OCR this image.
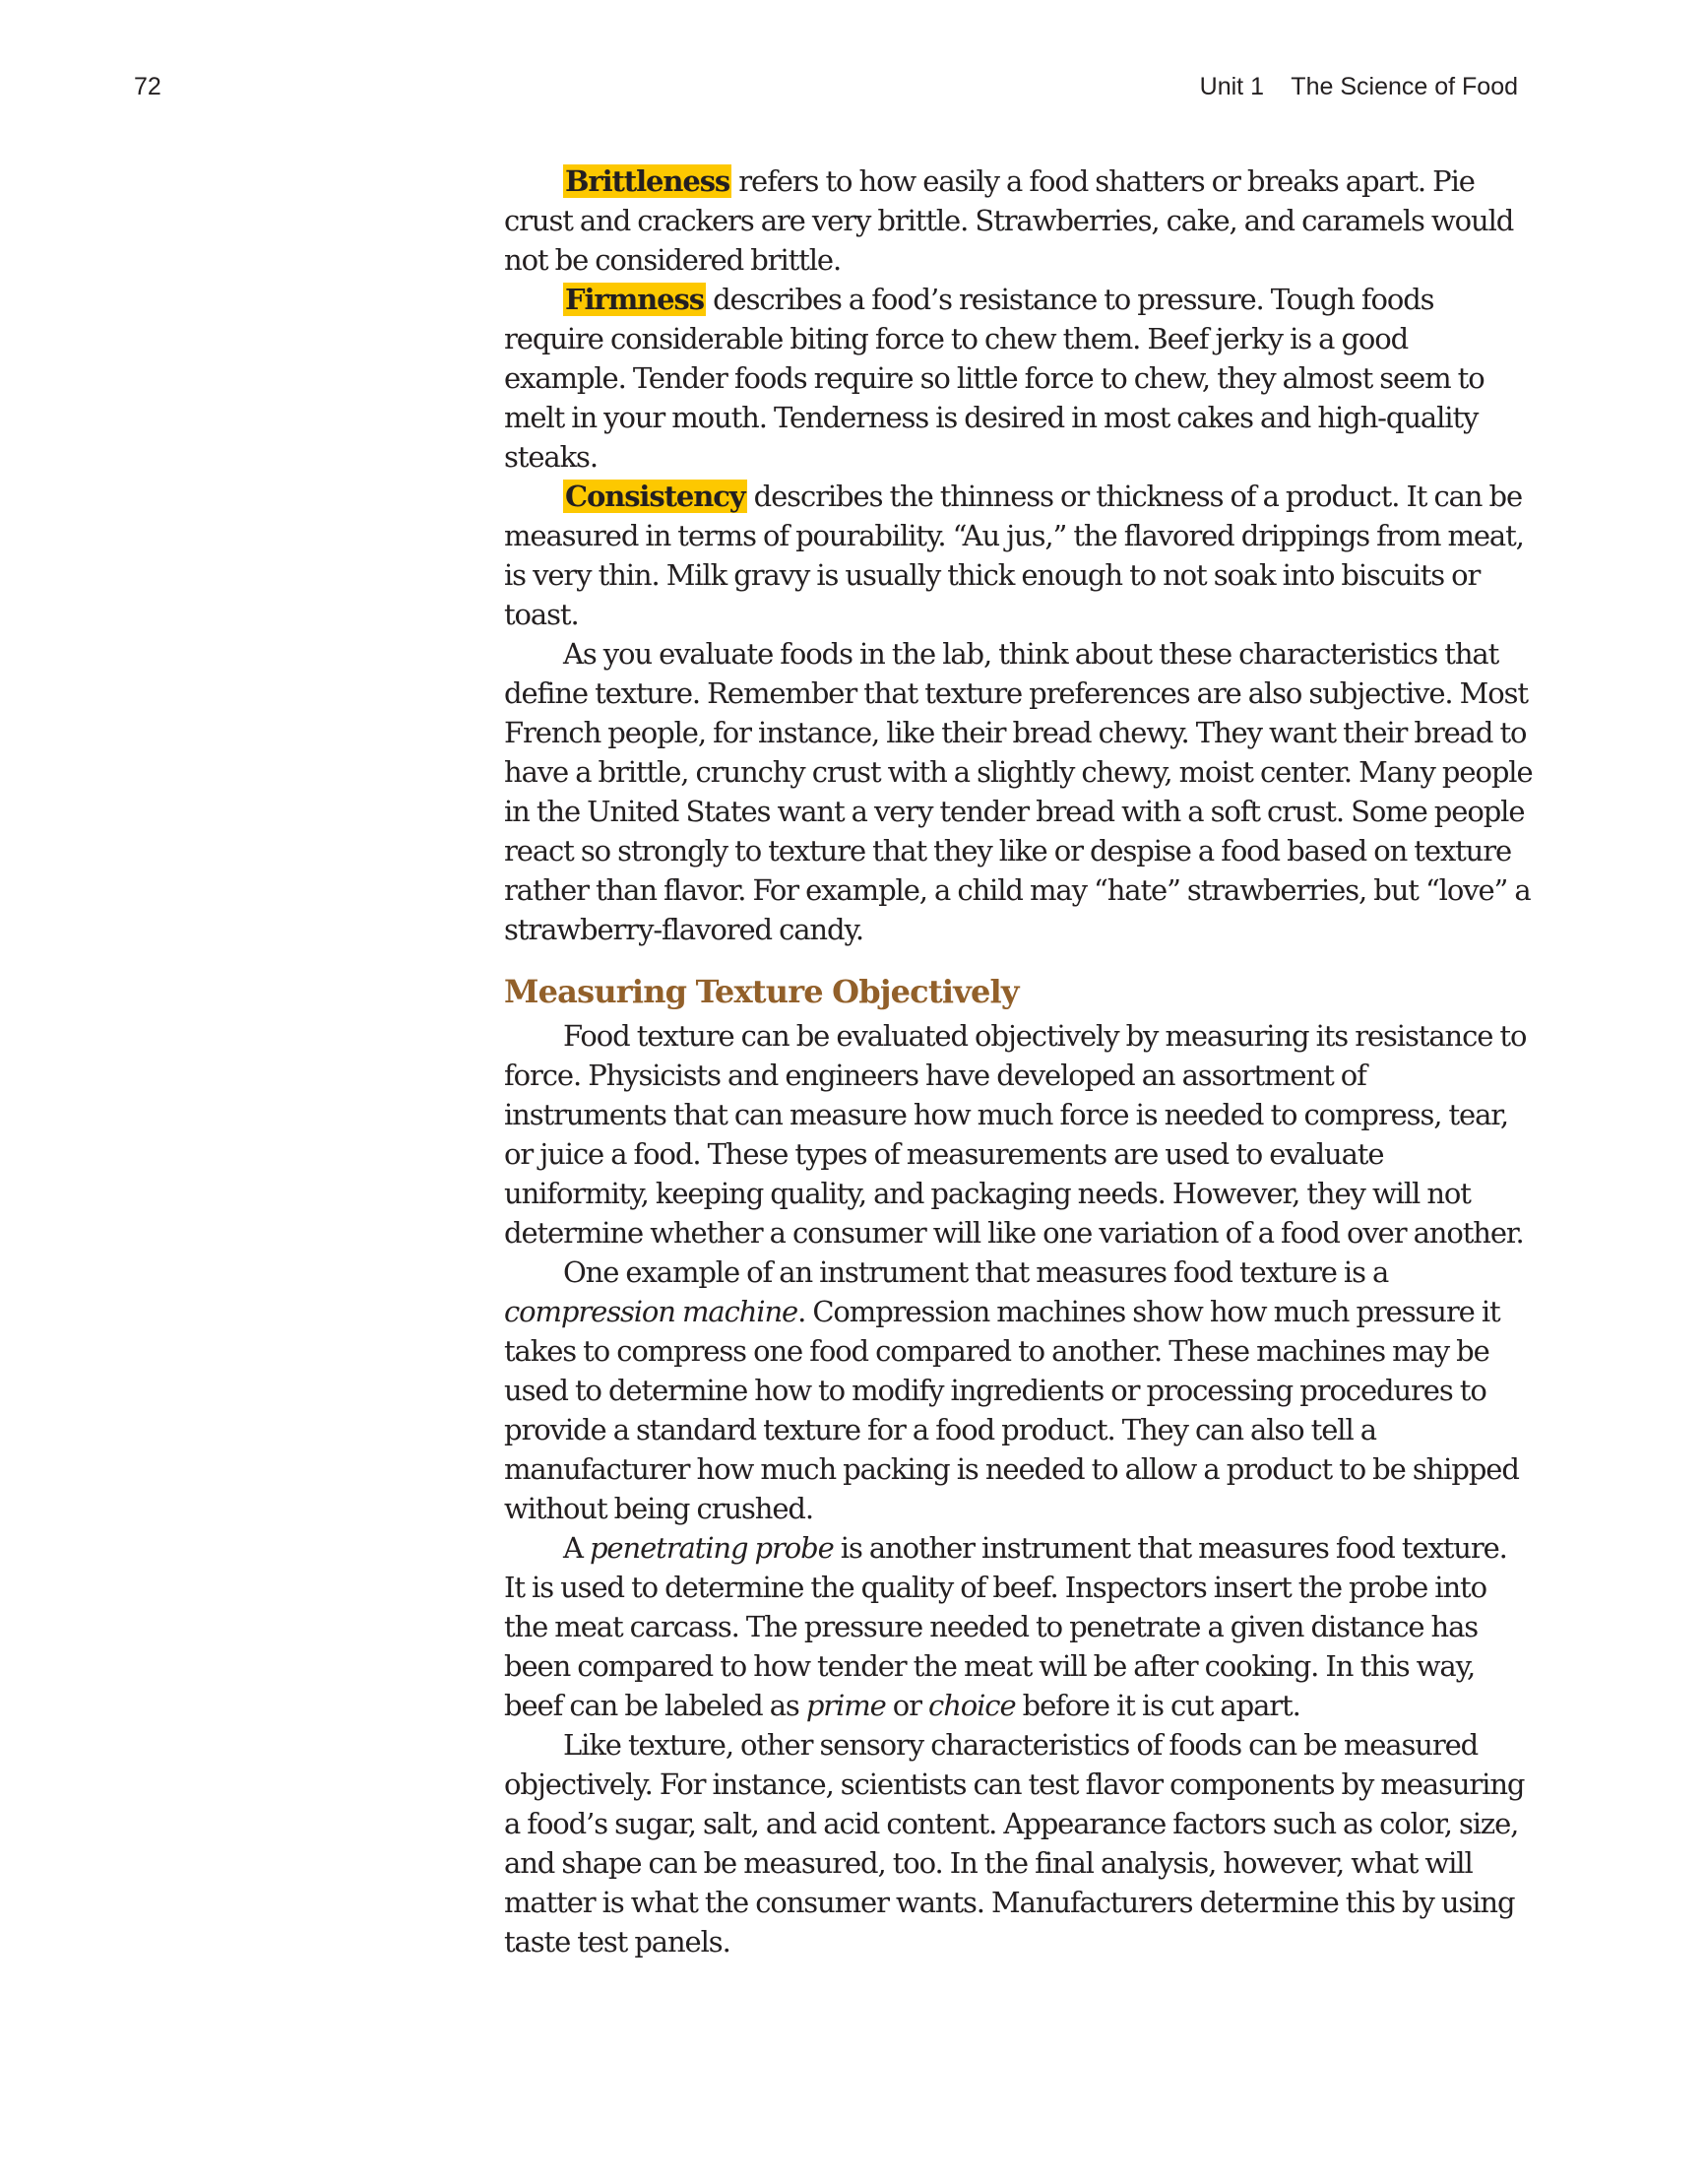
72	Unit 1    The Science of Food

Brittleness refers to how easily a food shatters or breaks apart. Pie crust and crackers are very brittle. Strawberries, cake, and caramels would not be considered brittle.

Firmness describes a food’s resistance to pressure. Tough foods require considerable biting force to chew them. Beef jerky is a good example. Tender foods require so little force to chew, they almost seem to melt in your mouth. Tenderness is desired in most cakes and high-quality steaks.

Consistency describes the thinness or thickness of a product. It can be measured in terms of pourability. “Au jus,” the flavored drippings from meat, is very thin. Milk gravy is usually thick enough to not soak into biscuits or toast.

As you evaluate foods in the lab, think about these characteristics that define texture. Remember that texture preferences are also subjective. Most French people, for instance, like their bread chewy. They want their bread to have a brittle, crunchy crust with a slightly chewy, moist center. Many people in the United States want a very tender bread with a soft crust. Some people react so strongly to texture that they like or despise a food based on texture rather than flavor. For example, a child may “hate” strawberries, but “love” a strawberry-flavored candy.

Measuring Texture Objectively

Food texture can be evaluated objectively by measuring its resistance to force. Physicists and engineers have developed an assortment of instruments that can measure how much force is needed to compress, tear, or juice a food. These types of measurements are used to evaluate uniformity, keeping quality, and packaging needs. However, they will not determine whether a consumer will like one variation of a food over another.

One example of an instrument that measures food texture is a compression machine. Compression machines show how much pressure it takes to compress one food compared to another. These machines may be used to determine how to modify ingredients or processing procedures to provide a standard texture for a food product. They can also tell a manufacturer how much packing is needed to allow a product to be shipped without being crushed.

A penetrating probe is another instrument that measures food texture. It is used to determine the quality of beef. Inspectors insert the probe into the meat carcass. The pressure needed to penetrate a given distance has been compared to how tender the meat will be after cooking. In this way, beef can be labeled as prime or choice before it is cut apart.

Like texture, other sensory characteristics of foods can be measured objectively. For instance, scientists can test flavor components by measuring a food’s sugar, salt, and acid content. Appearance factors such as color, size, and shape can be measured, too. In the final analysis, however, what will matter is what the consumer wants. Manufacturers determine this by using taste test panels.
